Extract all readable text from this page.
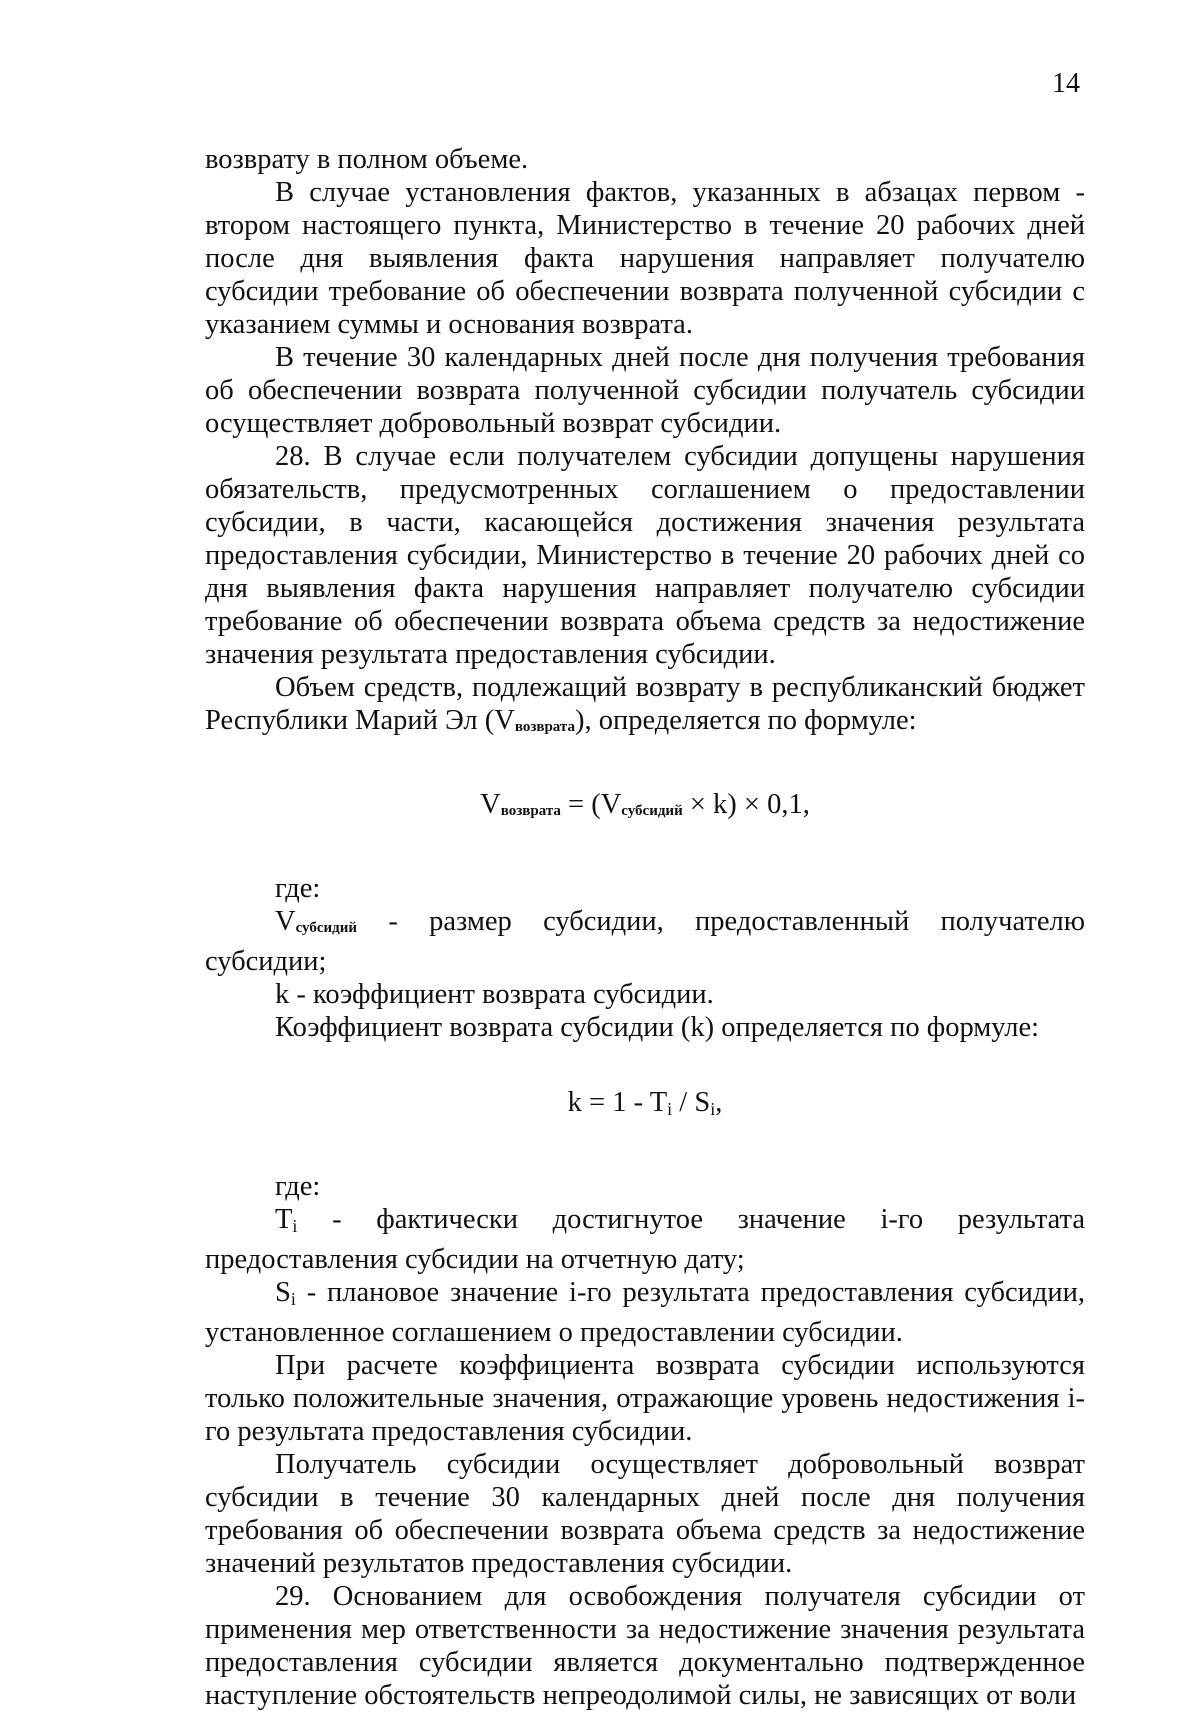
14

возврату в полном объеме.

В случае установления фактов, указанных в абзацах первом - втором настоящего пункта, Министерство в течение 20 рабочих дней после дня выявления факта нарушения направляет получателю субсидии требование об обеспечении возврата полученной субсидии с указанием суммы и основания возврата.

В течение 30 календарных дней после дня получения требования об обеспечении возврата полученной субсидии получатель субсидии осуществляет добровольный возврат субсидии.

28. В случае если получателем субсидии допущены нарушения обязательств, предусмотренных соглашением о предоставлении субсидии, в части, касающейся достижения значения результата предоставления субсидии, Министерство в течение 20 рабочих дней со дня выявления факта нарушения направляет получателю субсидии требование об обеспечении возврата объема средств за недостижение значения результата предоставления субсидии.

Объем средств, подлежащий возврату в республиканский бюджет Республики Марий Эл (Vвозврата), определяется по формуле:

Vвозврата = (Vсубсидий × k) × 0,1,

где:

Vсубсидий - размер субсидии, предоставленный получателю субсидии;

k - коэффициент возврата субсидии.

Коэффициент возврата субсидии (k) определяется по формуле:

k = 1 - Ti / Si,

где:

Ti - фактически достигнутое значение i-го результата предоставления субсидии на отчетную дату;

Si - плановое значение i-го результата предоставления субсидии, установленное соглашением о предоставлении субсидии.

При расчете коэффициента возврата субсидии используются только положительные значения, отражающие уровень недостижения i-го результата предоставления субсидии.

Получатель субсидии осуществляет добровольный возврат субсидии в течение 30 календарных дней после дня получения требования об обеспечении возврата объема средств за недостижение значений результатов предоставления субсидии.

29. Основанием для освобождения получателя субсидии от применения мер ответственности за недостижение значения результата предоставления субсидии является документально подтвержденное наступление обстоятельств непреодолимой силы, не зависящих от воли
